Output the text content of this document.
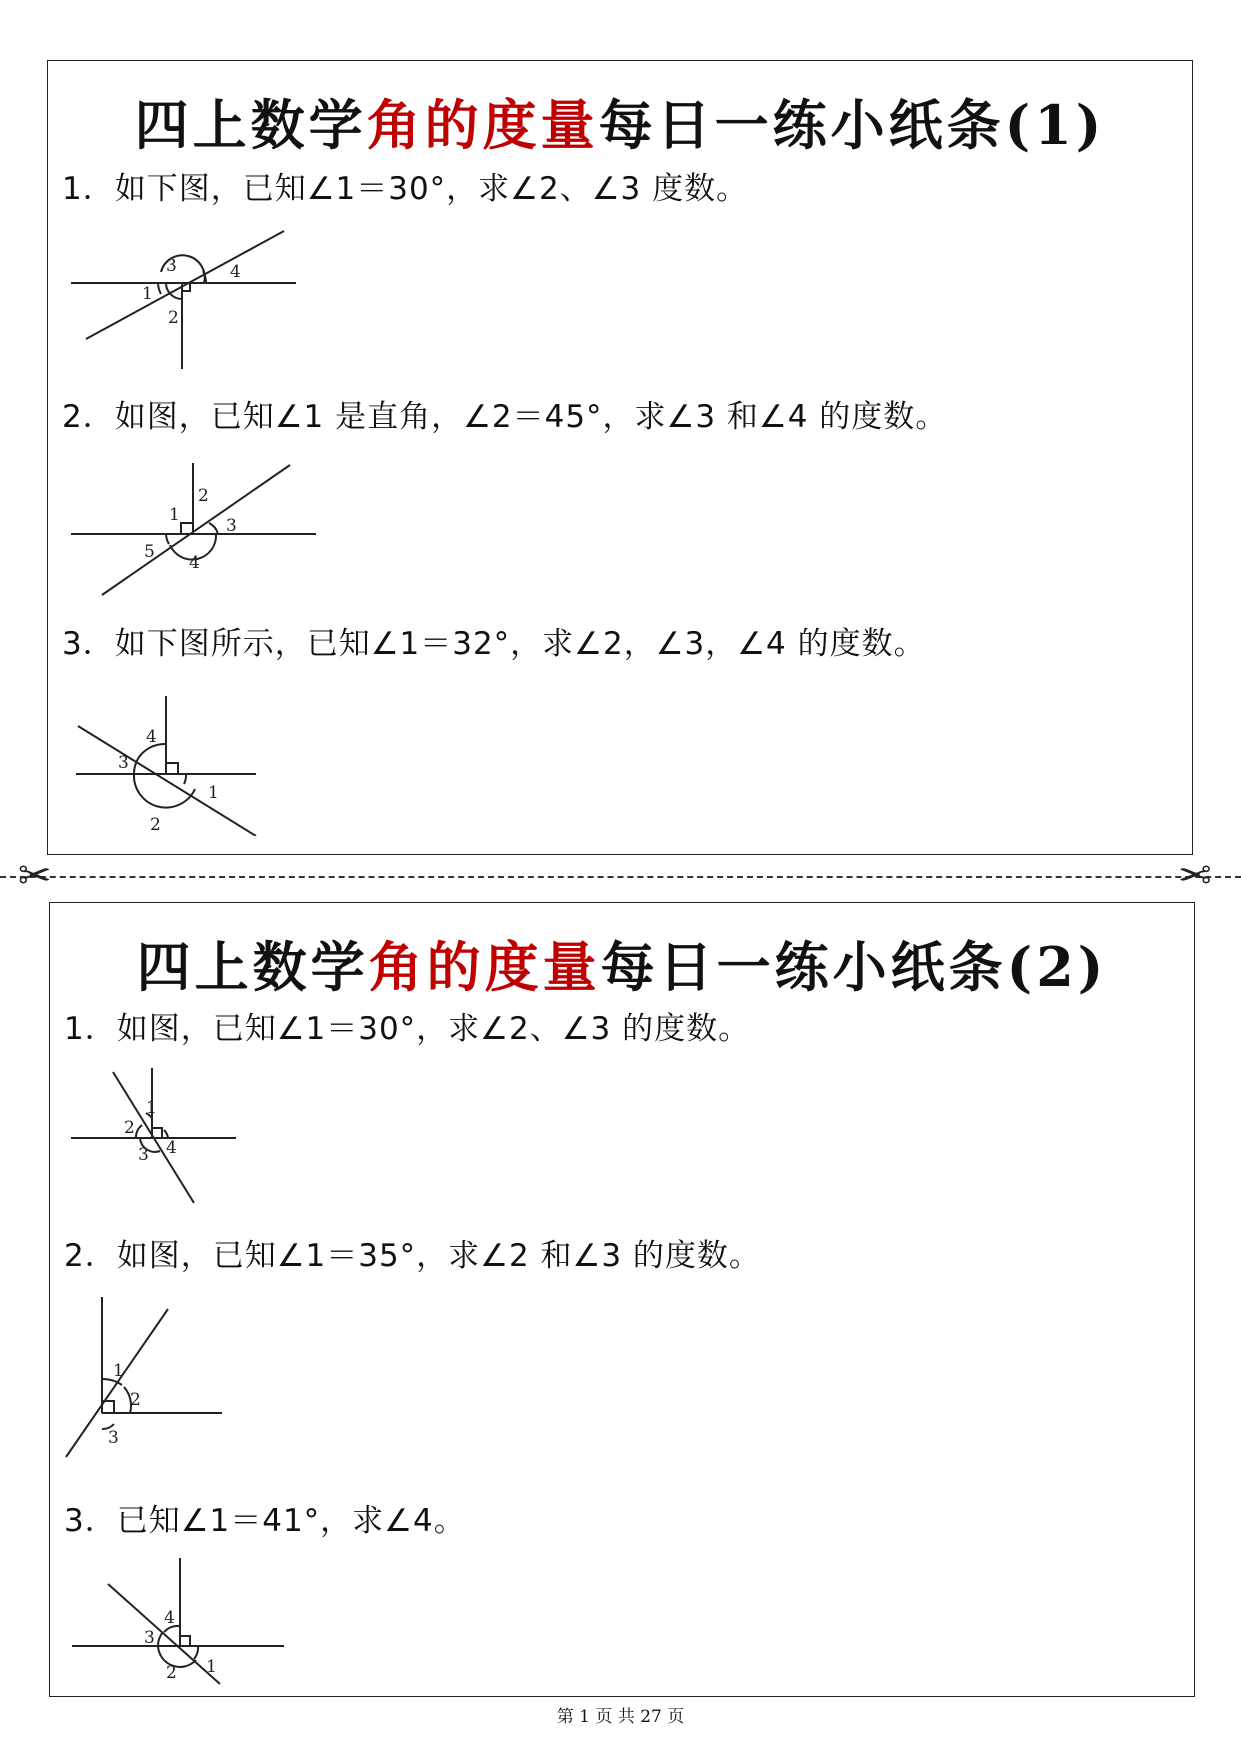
四上数学角的度量每日一练小纸条(1)
1．如下图，已知∠1＝30°，求∠2、∠3 度数。
1
2
3	4
2．如图，已知∠1 是直角，∠2＝45°，求∠3 和∠4 的度数。
1
2
3
4
5
3．如下图所示，已知∠1＝32°，求∠2，∠3，∠4 的度数。
4
3
2
1
✂	✂
四上数学角的度量每日一练小纸条(2)
1．如图，已知∠1＝30°，求∠2、∠3 的度数。
1
2
3 4
2．如图，已知∠1＝35°，求∠2 和∠3 的度数。
1
2
3
3．已知∠1＝41°，求∠4。
4
3
2 1
第 1 页 共 27 页
